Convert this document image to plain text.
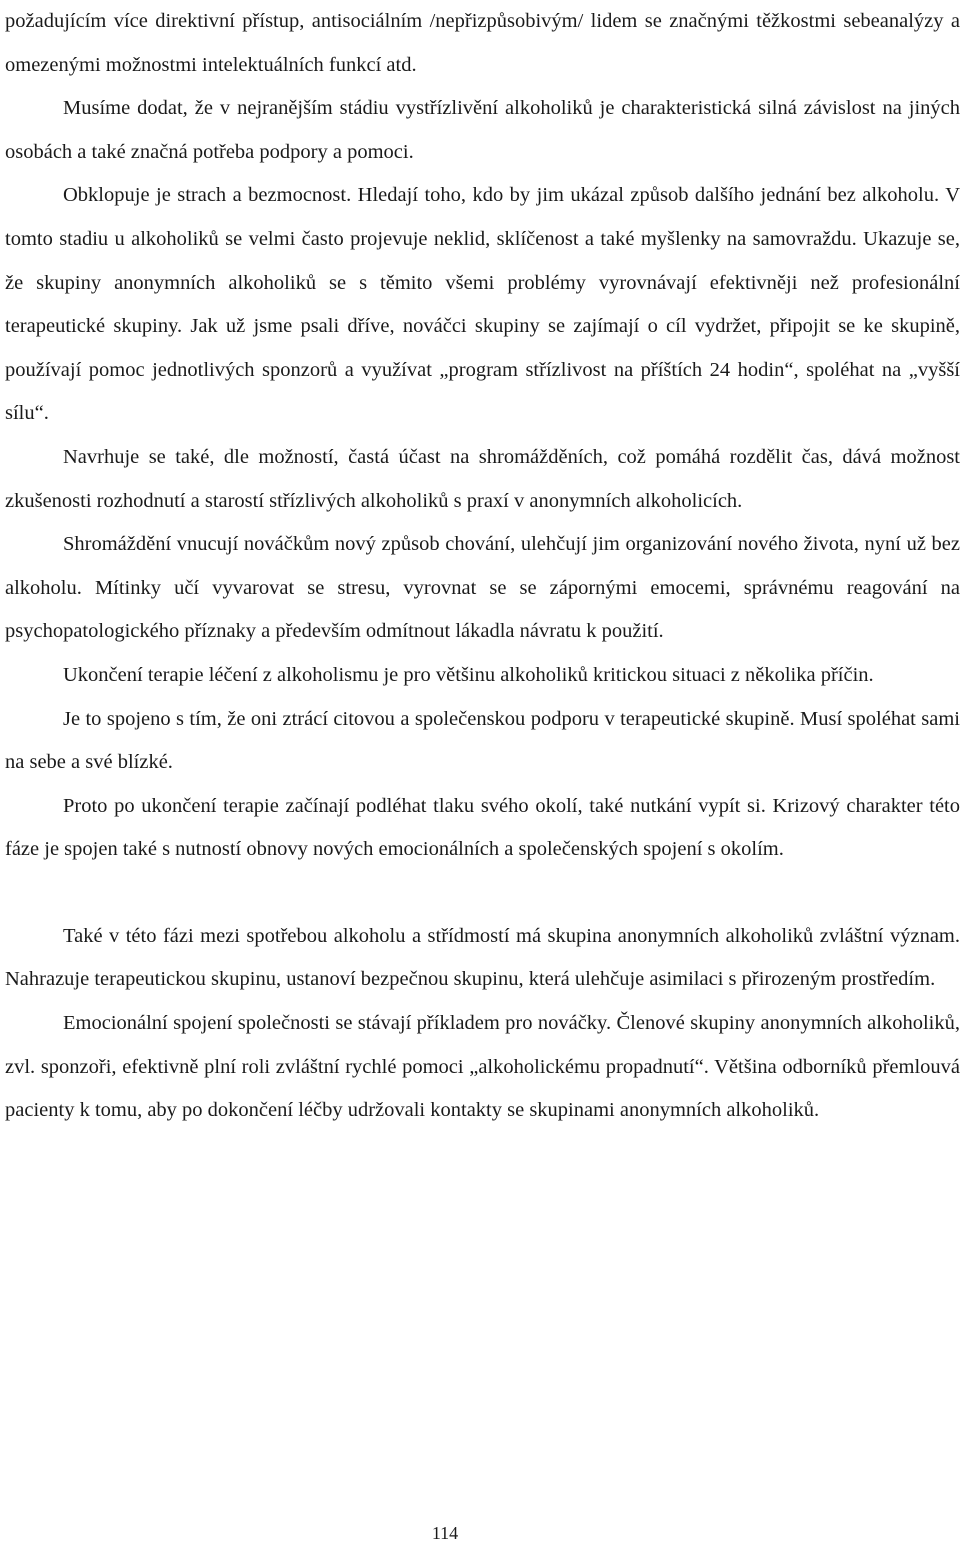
požadujícím více direktivní přístup, antisociálním /nepřizpůsobivým/ lidem se značnými těžkostmi sebeanalýzy a omezenými možnostmi intelektuálních funkcí atd.

Musíme dodat, že v nejranějším stádiu vystřízlivění alkoholiků je charakteristická silná závislost na jiných osobách a také značná potřeba podpory a pomoci.

Obklopuje je strach a bezmocnost. Hledají toho, kdo by jim ukázal způsob dalšího jednání bez alkoholu. V tomto stadiu u alkoholiků se velmi často projevuje neklid, sklíčenost a také myšlenky na samovraždu. Ukazuje se, že skupiny anonymních alkoholiků se s těmito všemi problémy vyrovnávají efektivněji než profesionální terapeutické skupiny. Jak už jsme psali dříve, nováčci skupiny se zajímají o cíl vydržet, připojit se ke skupině, používají pomoc jednotlivých sponzorů a využívat „program střízlivost na příštích 24 hodin“, spoléhat na „vyšší sílu“.

Navrhuje se také, dle možností, častá účast na shromážděních, což pomáhá rozdělit čas, dává možnost zkušenosti rozhodnutí a starostí střízlivých alkoholiků s praxí v anonymních alkoholicích.

Shromáždění vnucují nováčkům nový způsob chování, ulehčují jim organizování nového života, nyní už bez alkoholu. Mítinky učí vyvarovat se stresu, vyrovnat se se zápornými emocemi, správnému reagování na psychopatologického příznaky a především odmítnout lákadla návratu k použití.

Ukončení terapie léčení z alkoholismu je pro většinu alkoholiků kritickou situaci z několika příčin.

Je to spojeno s tím, že oni ztrácí citovou a společenskou podporu v terapeutické skupině. Musí spoléhat sami na sebe a své blízké.

Proto po ukončení terapie začínají podléhat tlaku svého okolí, také nutkání vypít si. Krizový charakter této fáze je spojen také s nutností obnovy nových emocionálních a společenských spojení s okolím.

Také v této fázi mezi spotřebou alkoholu a střídmostí má skupina anonymních alkoholiků zvláštní význam. Nahrazuje terapeutickou skupinu, ustanoví bezpečnou skupinu, která ulehčuje asimilaci s přirozeným prostředím.

Emocionální spojení společnosti se stávají příkladem pro nováčky. Členové skupiny anonymních alkoholiků, zvl. sponzoři, efektivně plní roli zvláštní rychlé pomoci „alkoholickému propadnutí“. Většina odborníků přemlouvá pacienty k tomu, aby po dokončení léčby udržovali kontakty se skupinami anonymních alkoholiků.

114
